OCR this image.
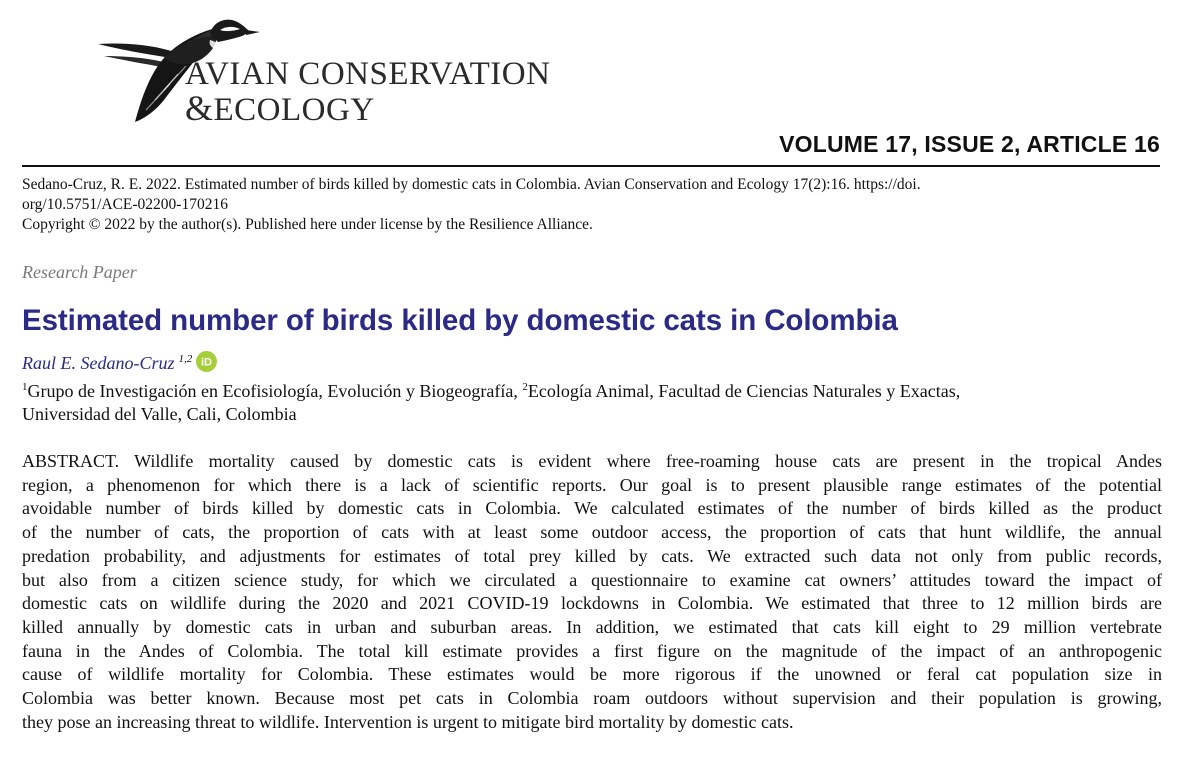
AVIAN CONSERVATION
&ECOLOGY
VOLUME 17, ISSUE 2, ARTICLE 16
Sedano-Cruz, R. E. 2022. Estimated number of birds killed by domestic cats in Colombia. Avian Conservation and Ecology 17(2):16. https://doi.
org/10.5751/ACE-02200-170216
Copyright © 2022 by the author(s). Published here under license by the Resilience Alliance.
Research Paper
Estimated number of birds killed by domestic cats in Colombia
Raul E. Sedano-Cruz $^{1,2}$ iD
$^1$Grupo de Investigación en Ecofisiología, Evolución y Biogeografía, $^2$Ecología Animal, Facultad de Ciencias Naturales y Exactas,
Universidad del Valle, Cali, Colombia
ABSTRACT. Wildlife mortality caused by domestic cats is evident where free-roaming house cats are present in the tropical Andes
region, a phenomenon for which there is a lack of scientific reports. Our goal is to present plausible range estimates of the potential
avoidable number of birds killed by domestic cats in Colombia. We calculated estimates of the number of birds killed as the product
of the number of cats, the proportion of cats with at least some outdoor access, the proportion of cats that hunt wildlife, the annual
predation probability, and adjustments for estimates of total prey killed by cats. We extracted such data not only from public records,
but also from a citizen science study, for which we circulated a questionnaire to examine cat owners’ attitudes toward the impact of
domestic cats on wildlife during the 2020 and 2021 COVID-19 lockdowns in Colombia. We estimated that three to 12 million birds are
killed annually by domestic cats in urban and suburban areas. In addition, we estimated that cats kill eight to 29 million vertebrate
fauna in the Andes of Colombia. The total kill estimate provides a first figure on the magnitude of the impact of an anthropogenic
cause of wildlife mortality for Colombia. These estimates would be more rigorous if the unowned or feral cat population size in
Colombia was better known. Because most pet cats in Colombia roam outdoors without supervision and their population is growing,
they pose an increasing threat to wildlife. Intervention is urgent to mitigate bird mortality by domestic cats.
